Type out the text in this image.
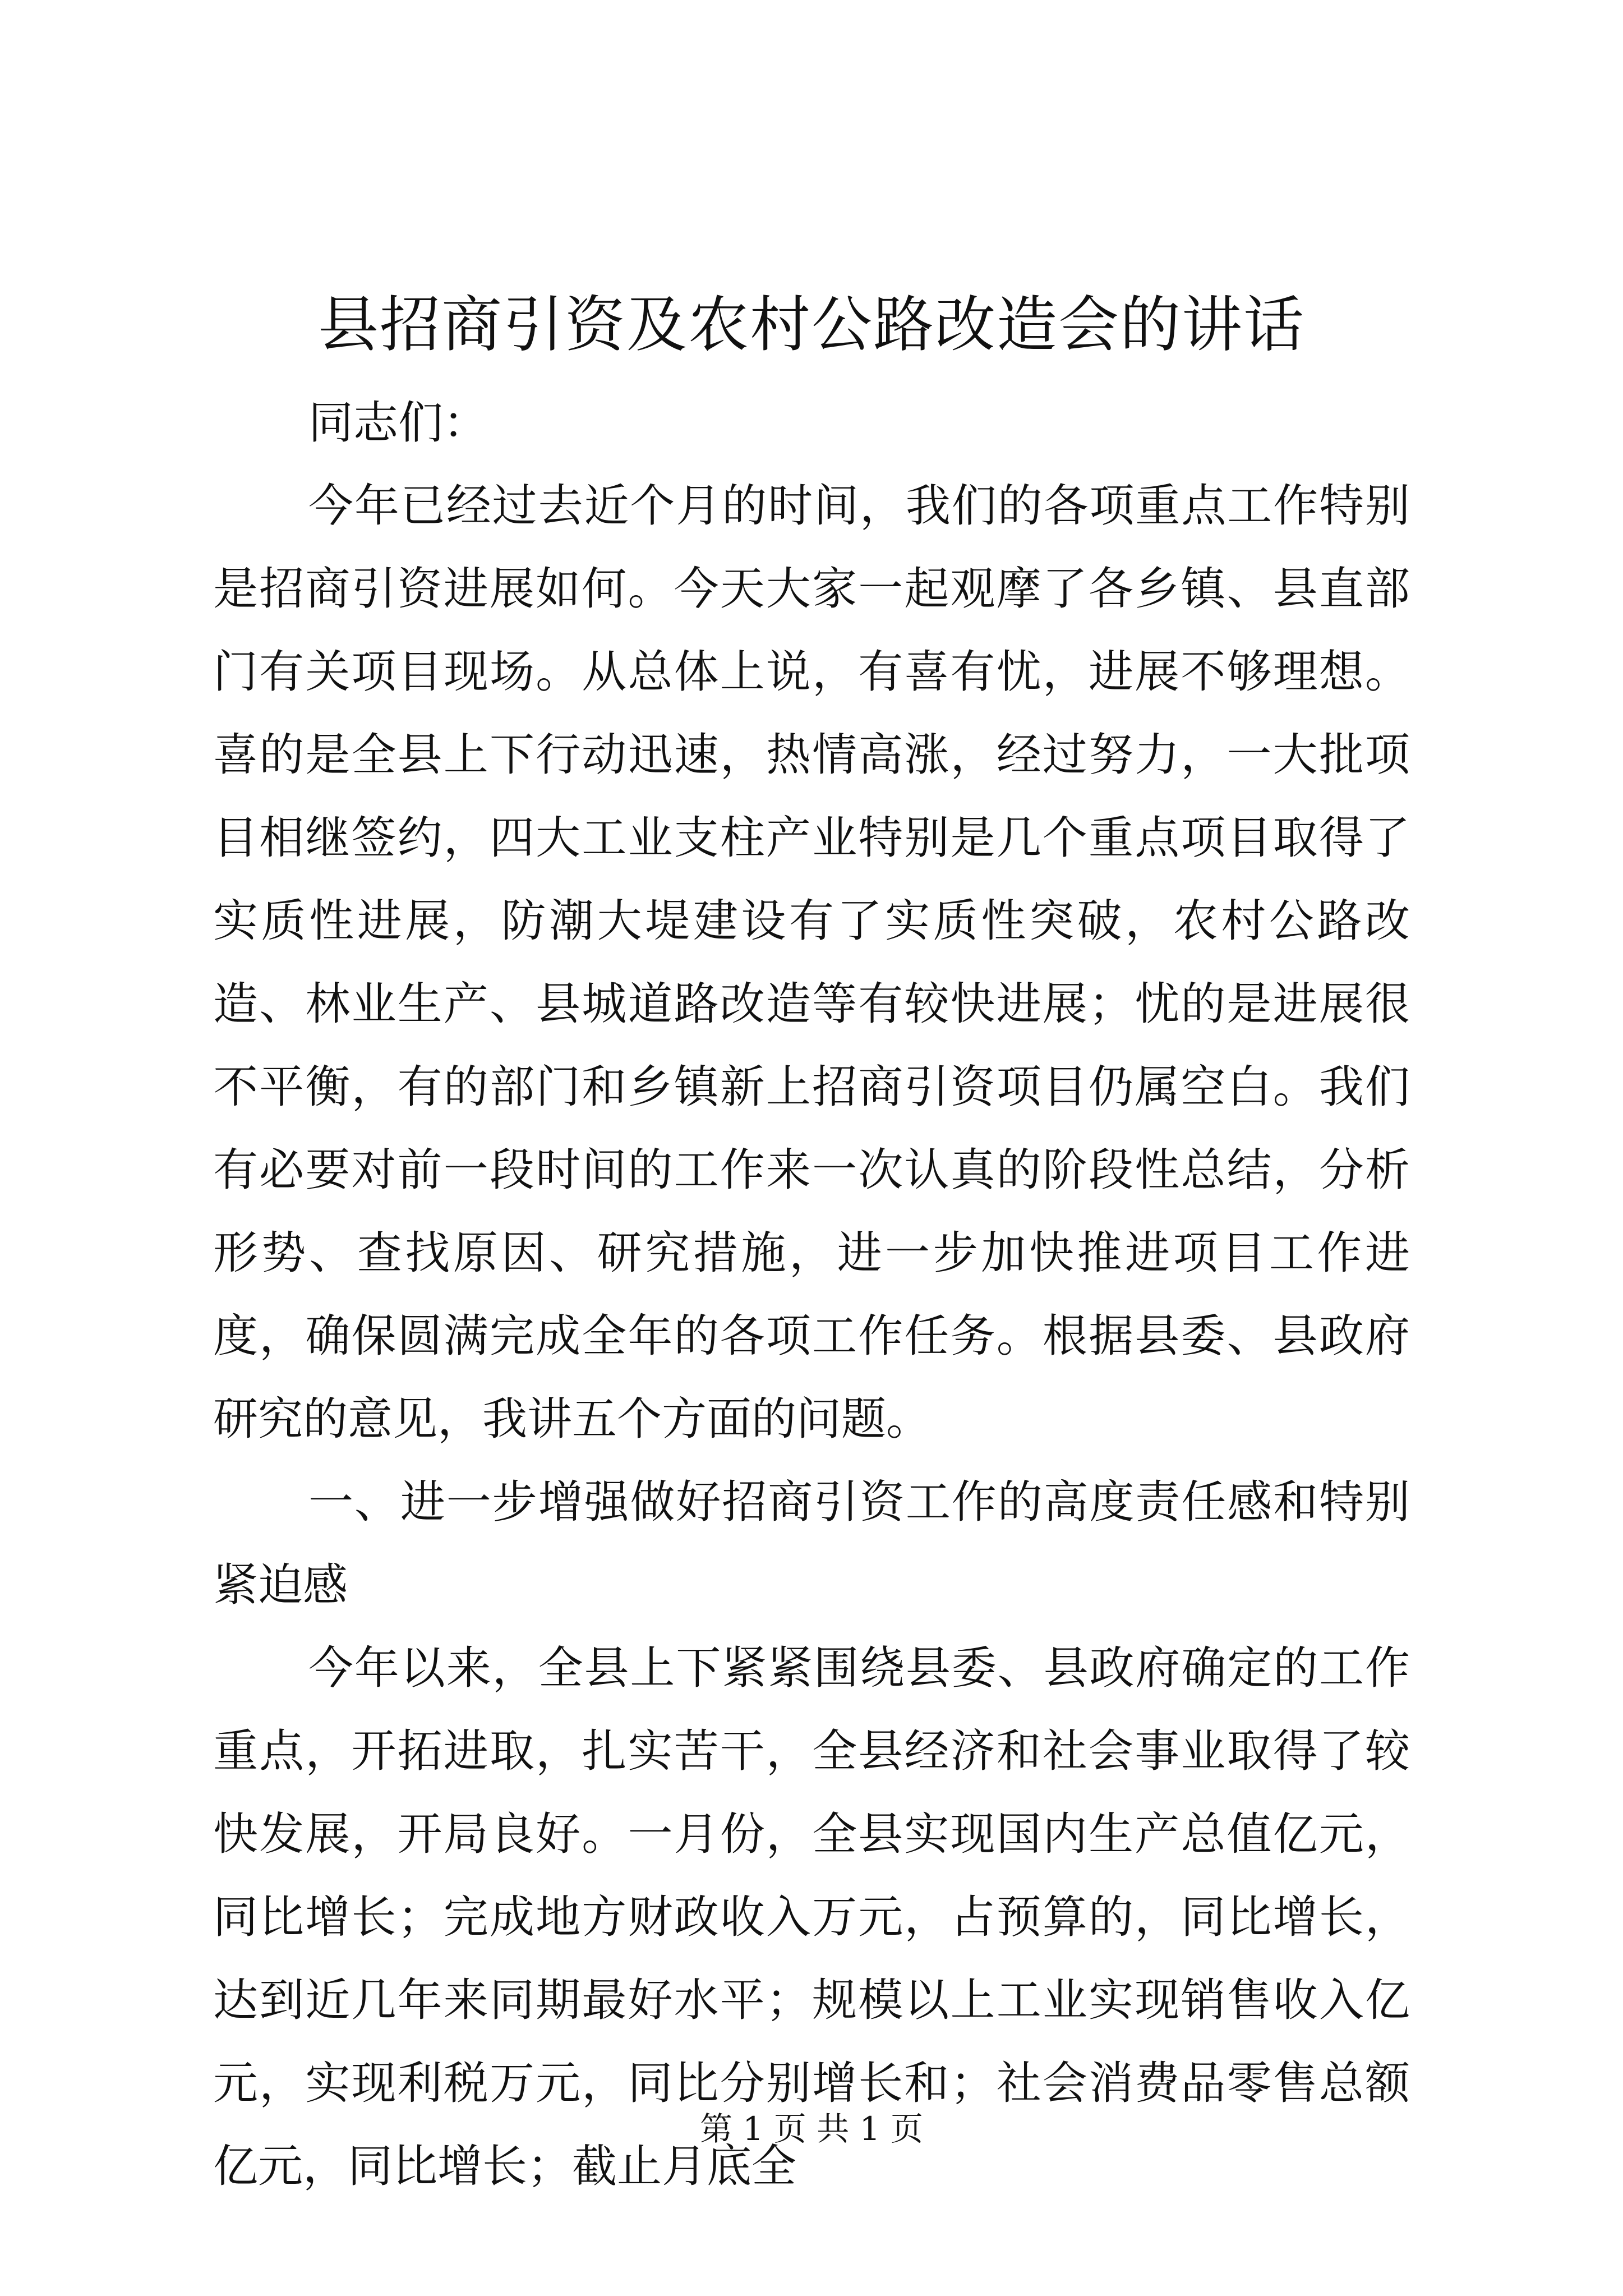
县招商引资及农村公路改造会的讲话

同志们：

今年已经过去近个月的时间，我们的各项重点工作特别是招商引资进展如何。今天大家一起观摩了各乡镇、县直部门有关项目现场。从总体上说，有喜有忧，进展不够理想。喜的是全县上下行动迅速，热情高涨，经过努力，一大批项目相继签约，四大工业支柱产业特别是几个重点项目取得了实质性进展，防潮大堤建设有了实质性突破，农村公路改造、林业生产、县城道路改造等有较快进展；忧的是进展很不平衡，有的部门和乡镇新上招商引资项目仍属空白。我们有必要对前一段时间的工作来一次认真的阶段性总结，分析形势、查找原因、研究措施，进一步加快推进项目工作进度，确保圆满完成全年的各项工作任务。根据县委、县政府研究的意见，我讲五个方面的问题。

一、进一步增强做好招商引资工作的高度责任感和特别紧迫感

今年以来，全县上下紧紧围绕县委、县政府确定的工作重点，开拓进取，扎实苦干，全县经济和社会事业取得了较快发展，开局良好。一月份，全县实现国内生产总值亿元，同比增长；完成地方财政收入万元，占预算的，同比增长，达到近几年来同期最好水平；规模以上工业实现销售收入亿元，实现利税万元，同比分别增长和；社会消费品零售总额亿元，同比增长；截止月底全

第 1 页 共 1 页
